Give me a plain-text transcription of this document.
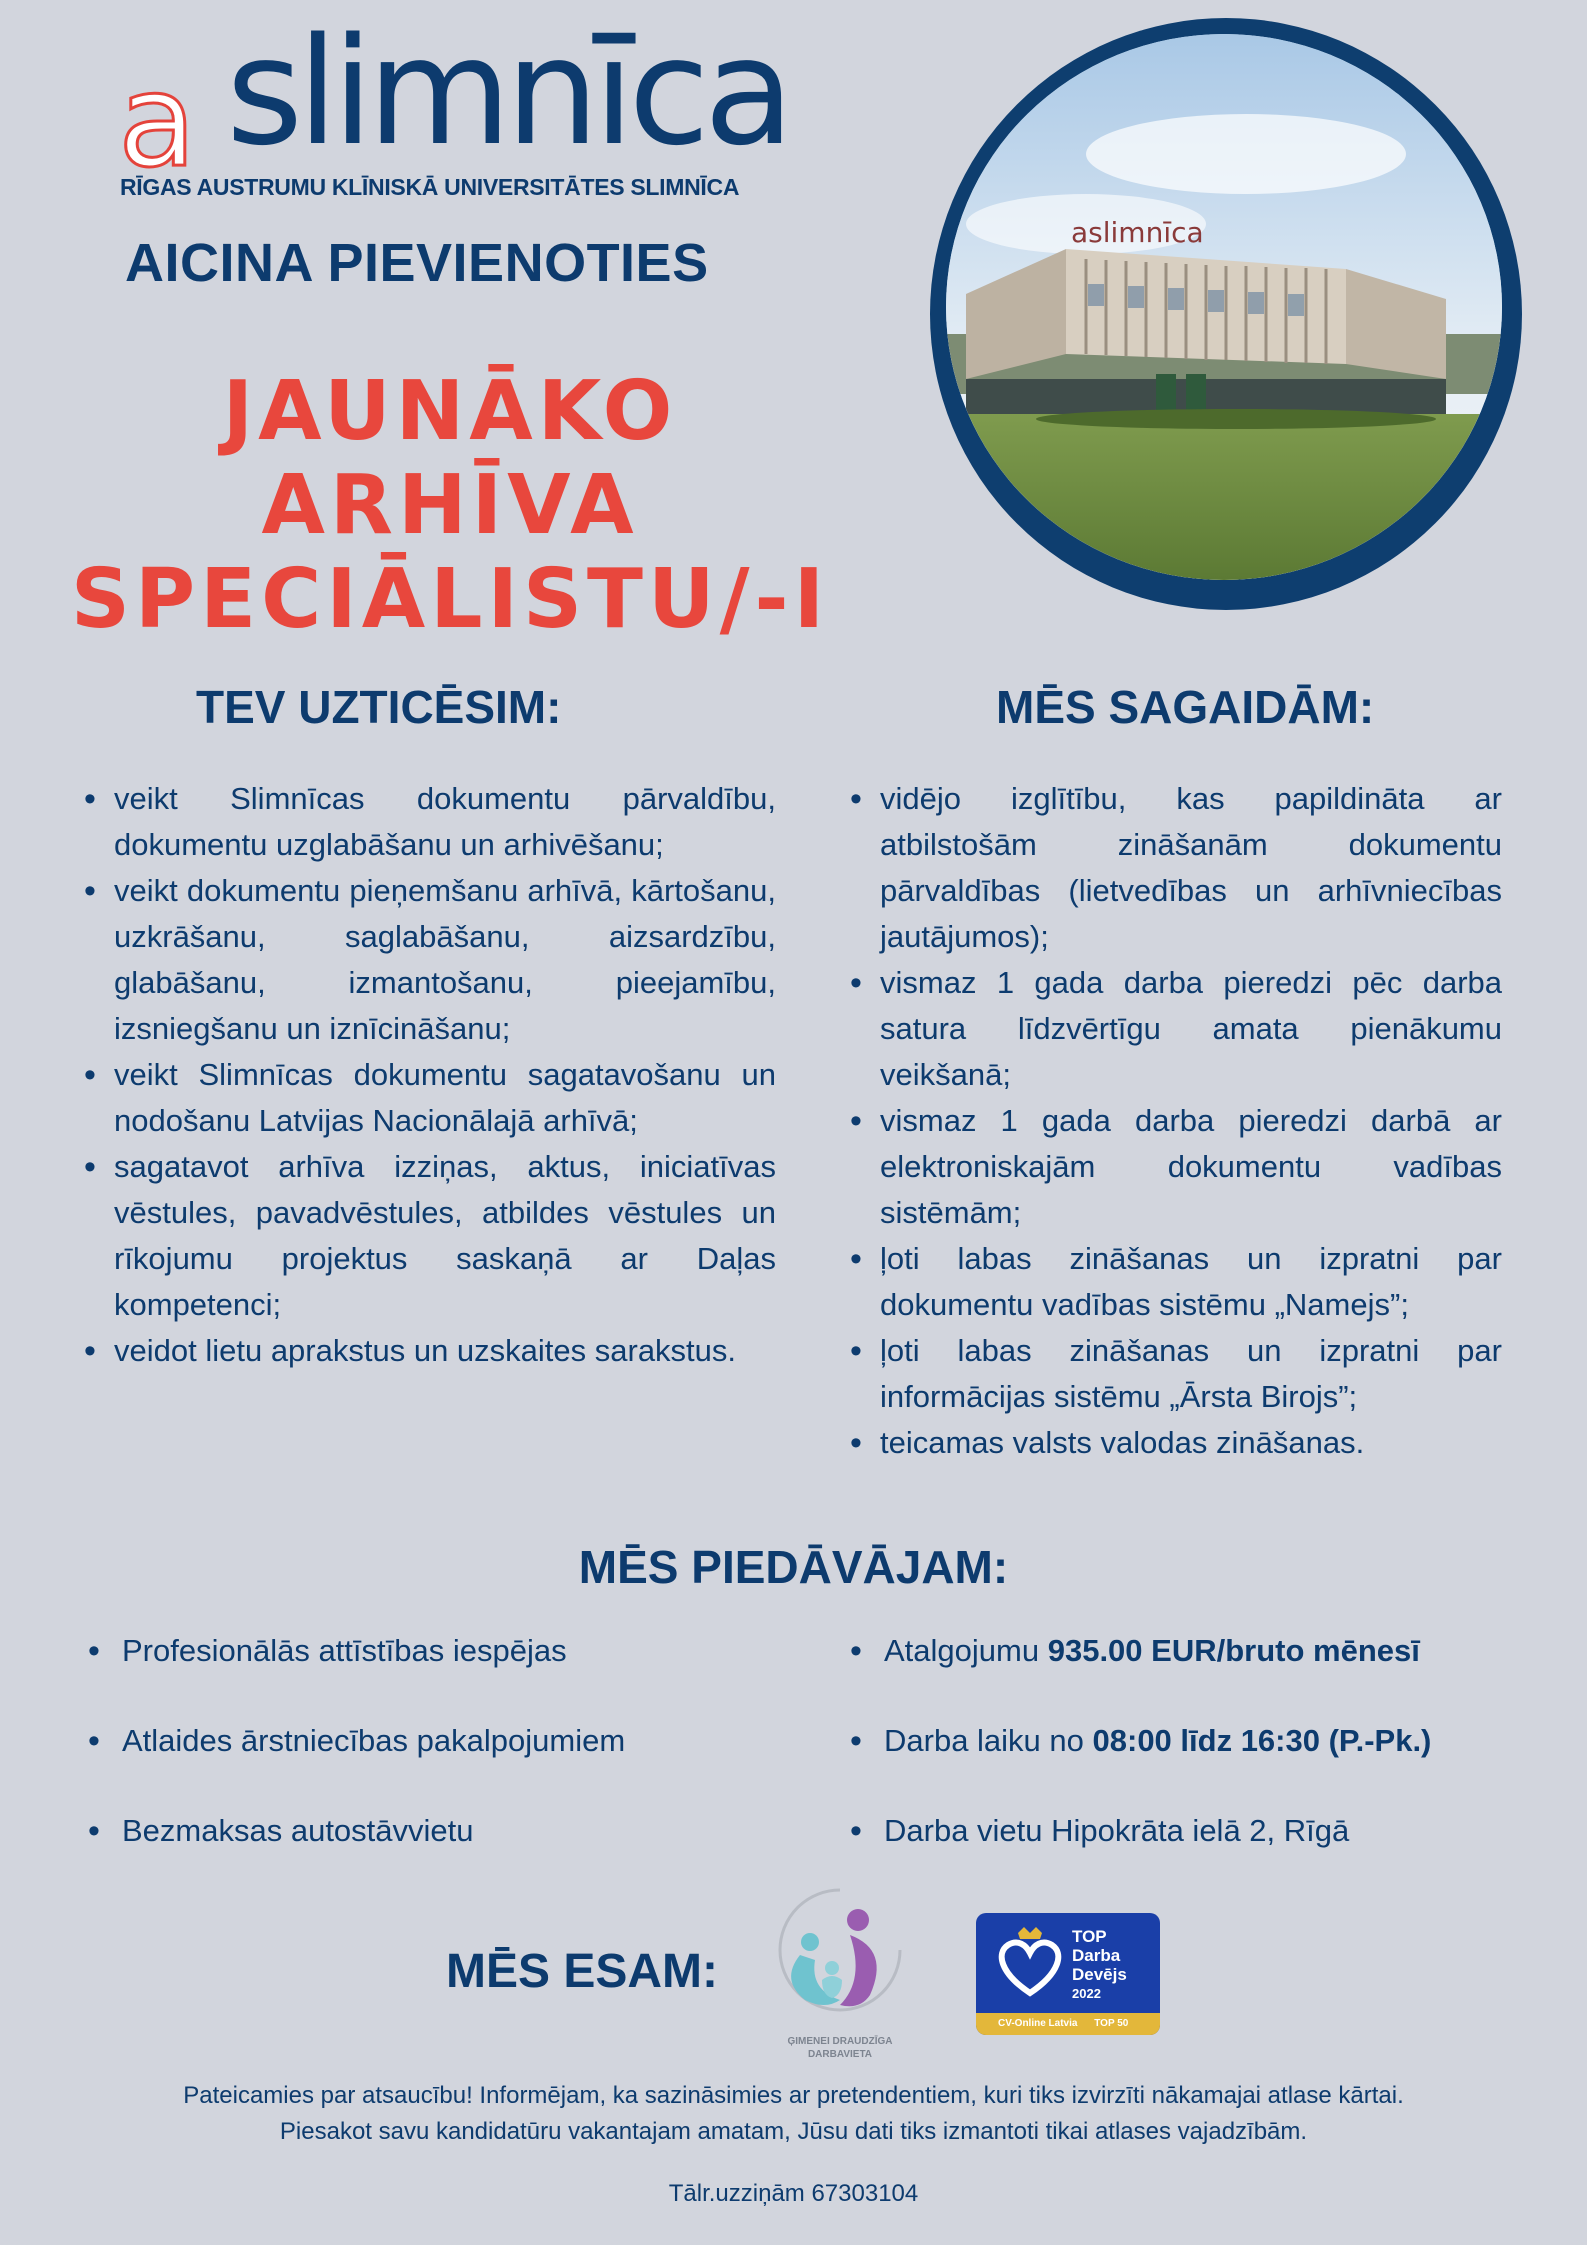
a slimnīca
RĪGAS AUSTRUMU KLĪNISKĀ UNIVERSITĀTES SLIMNĪCA
AICINA PIEVIENOTIES
JAUNĀKO ARHĪVA
SPECIĀLISTU/-I
aslimnīca
TEV UZTICĒSIM:
• veikt Slimnīcas dokumentu pārvaldību, dokumentu uzglabāšanu un arhivēšanu;
• veikt dokumentu pieņemšanu arhīvā, kārtošanu, uzkrāšanu, saglabāšanu, aizsardzību, glabāšanu, izmantošanu, pieejamību, izsniegšanu un iznīcināšanu;
• veikt Slimnīcas dokumentu sagatavošanu un nodošanu Latvijas Nacionālajā arhīvā;
• sagatavot arhīva izziņas, aktus, iniciatīvas vēstules, pavadvēstules, atbildes vēstules un rīkojumu projektus saskaņā ar Daļas kompetenci;
• veidot lietu aprakstus un uzskaites sarakstus.
MĒS SAGAIDĀM:
• vidējo izglītību, kas papildināta ar atbilstošām zināšanām dokumentu pārvaldības (lietvedības un arhīvniecības jautājumos);
• vismaz 1 gada darba pieredzi pēc darba satura līdzvērtīgu amata pienākumu veikšanā;
• vismaz 1 gada darba pieredzi darbā ar elektroniskajām dokumentu vadības sistēmām;
• ļoti labas zināšanas un izpratni par dokumentu vadības sistēmu „Namejs”;
• ļoti labas zināšanas un izpratni par informācijas sistēmu „Ārsta Birojs”;
• teicamas valsts valodas zināšanas.
MĒS PIEDĀVĀJAM:
• Profesionālās attīstības iespējas
• Atlaides ārstniecības pakalpojumiem
• Bezmaksas autostāvvietu
• Atalgojumu 935.00 EUR/bruto mēnesī
• Darba laiku no 08:00 līdz 16:30 (P.-Pk.)
• Darba vietu Hipokrāta ielā 2, Rīgā
MĒS ESAM:
ĢIMENEI DRAUDZĪGA
DARBAVIETA
TOP
Darba
Devējs
2022
CV-Online Latvia TOP 50
Pateicamies par atsaucību! Informējam, ka sazināsimies ar pretendentiem, kuri tiks izvirzīti nākamajai atlase kārtai.
Piesakot savu kandidatūru vakantajam amatam, Jūsu dati tiks izmantoti tikai atlases vajadzībām.
Tālr.uzziņām 67303104
